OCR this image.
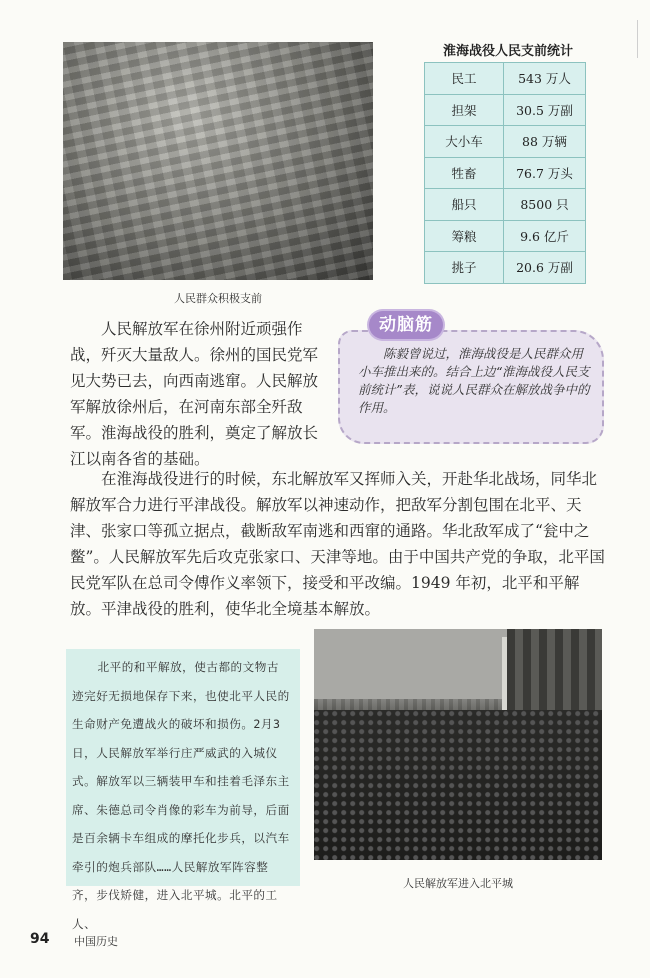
人民群众积极支前
淮海战役人民支前统计
民工	543 万人
担架	30.5 万副
大小车	88 万辆
牲畜	76.7 万头
船只	8500 只
筹粮	9.6 亿斤
挑子	20.6 万副
动脑筋
陈毅曾说过，淮海战役是人民群众用小车推出来的。结合上边“淮海战役人民支前统计”表，说说人民群众在解放战争中的作用。
人民解放军在徐州附近顽强作战，歼灭大量敌人。徐州的国民党军见大势已去，向西南逃窜。人民解放军解放徐州后，在河南东部全歼敌军。淮海战役的胜利，奠定了解放长江以南各省的基础。
在淮海战役进行的时候，东北解放军又挥师入关，开赴华北战场，同华北解放军合力进行平津战役。解放军以神速动作，把敌军分割包围在北平、天津、张家口等孤立据点，截断敌军南逃和西窜的通路。华北敌军成了“瓮中之鳖”。人民解放军先后攻克张家口、天津等地。由于中国共产党的争取，北平国民党军队在总司令傅作义率领下，接受和平改编。1949 年初，北平和平解放。平津战役的胜利，使华北全境基本解放。
北平的和平解放，使古都的文物古迹完好无损地保存下来，也使北平人民的生命财产免遭战火的破坏和损伤。2月3日，人民解放军举行庄严威武的入城仪式。解放军以三辆装甲车和挂着毛泽东主席、朱德总司令肖像的彩车为前导，后面是百余辆卡车组成的摩托化步兵，以汽车牵引的炮兵部队……人民解放军阵容整齐，步伐矫健，进入北平城。北平的工人、
人民解放军进入北平城
94 中国历史
